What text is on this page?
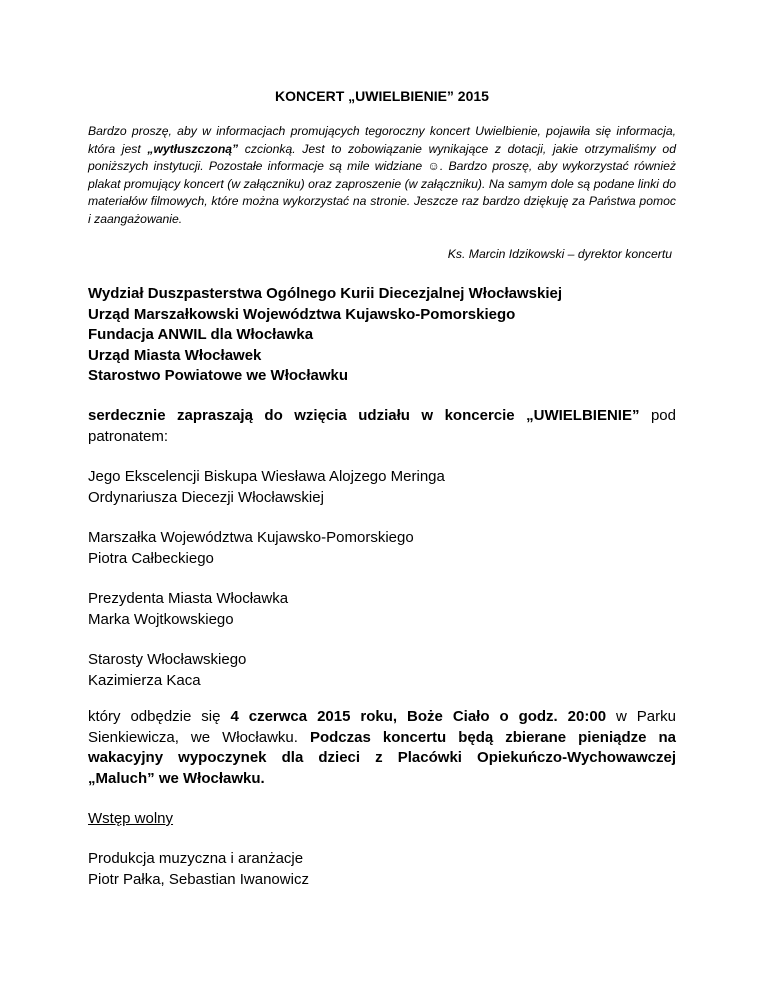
KONCERT „UWIELBIENIE” 2015

Bardzo proszę, aby w informacjach promujących tegoroczny koncert Uwielbienie, pojawiła się informacja, która jest „wytłuszczoną” czcionką. Jest to zobowiązanie wynikające z dotacji, jakie otrzymaliśmy od poniższych instytucji. Pozostałe informacje są mile widziane ☺. Bardzo proszę, aby wykorzystać również plakat promujący koncert (w załączniku) oraz zaproszenie (w załączniku). Na samym dole są podane linki do materiałów filmowych, które można wykorzystać na stronie. Jeszcze raz bardzo dziękuję za Państwa pomoc i zaangażowanie.

Ks. Marcin Idzikowski – dyrektor koncertu
Wydział Duszpasterstwa Ogólnego Kurii Diecezjalnej Włocławskiej
Urząd Marszałkowski Województwa Kujawsko-Pomorskiego
Fundacja ANWIL dla Włocławka
Urząd Miasta Włocławek
Starostwo Powiatowe we Włocławku

serdecznie zapraszają do wzięcia udziału w koncercie „UWIELBIENIE” pod patronatem:

Jego Ekscelencji Biskupa Wiesława Alojzego Meringa
Ordynariusza Diecezji Włocławskiej
Marszałka Województwa Kujawsko-Pomorskiego
Piotra Całbeckiego
Prezydenta Miasta Włocławka
Marka Wojtkowskiego
Starosty Włocławskiego
Kazimierza Kaca

który odbędzie się 4 czerwca 2015 roku, Boże Ciało o godz. 20:00 w Parku Sienkiewicza, we Włocławku. Podczas koncertu będą zbierane pieniądze na wakacyjny wypoczynek dla dzieci z Placówki Opiekuńczo-Wychowawczej „Maluch” we Włocławku.

Wstęp wolny
Produkcja muzyczna i aranżacje
Piotr Pałka, Sebastian Iwanowicz
